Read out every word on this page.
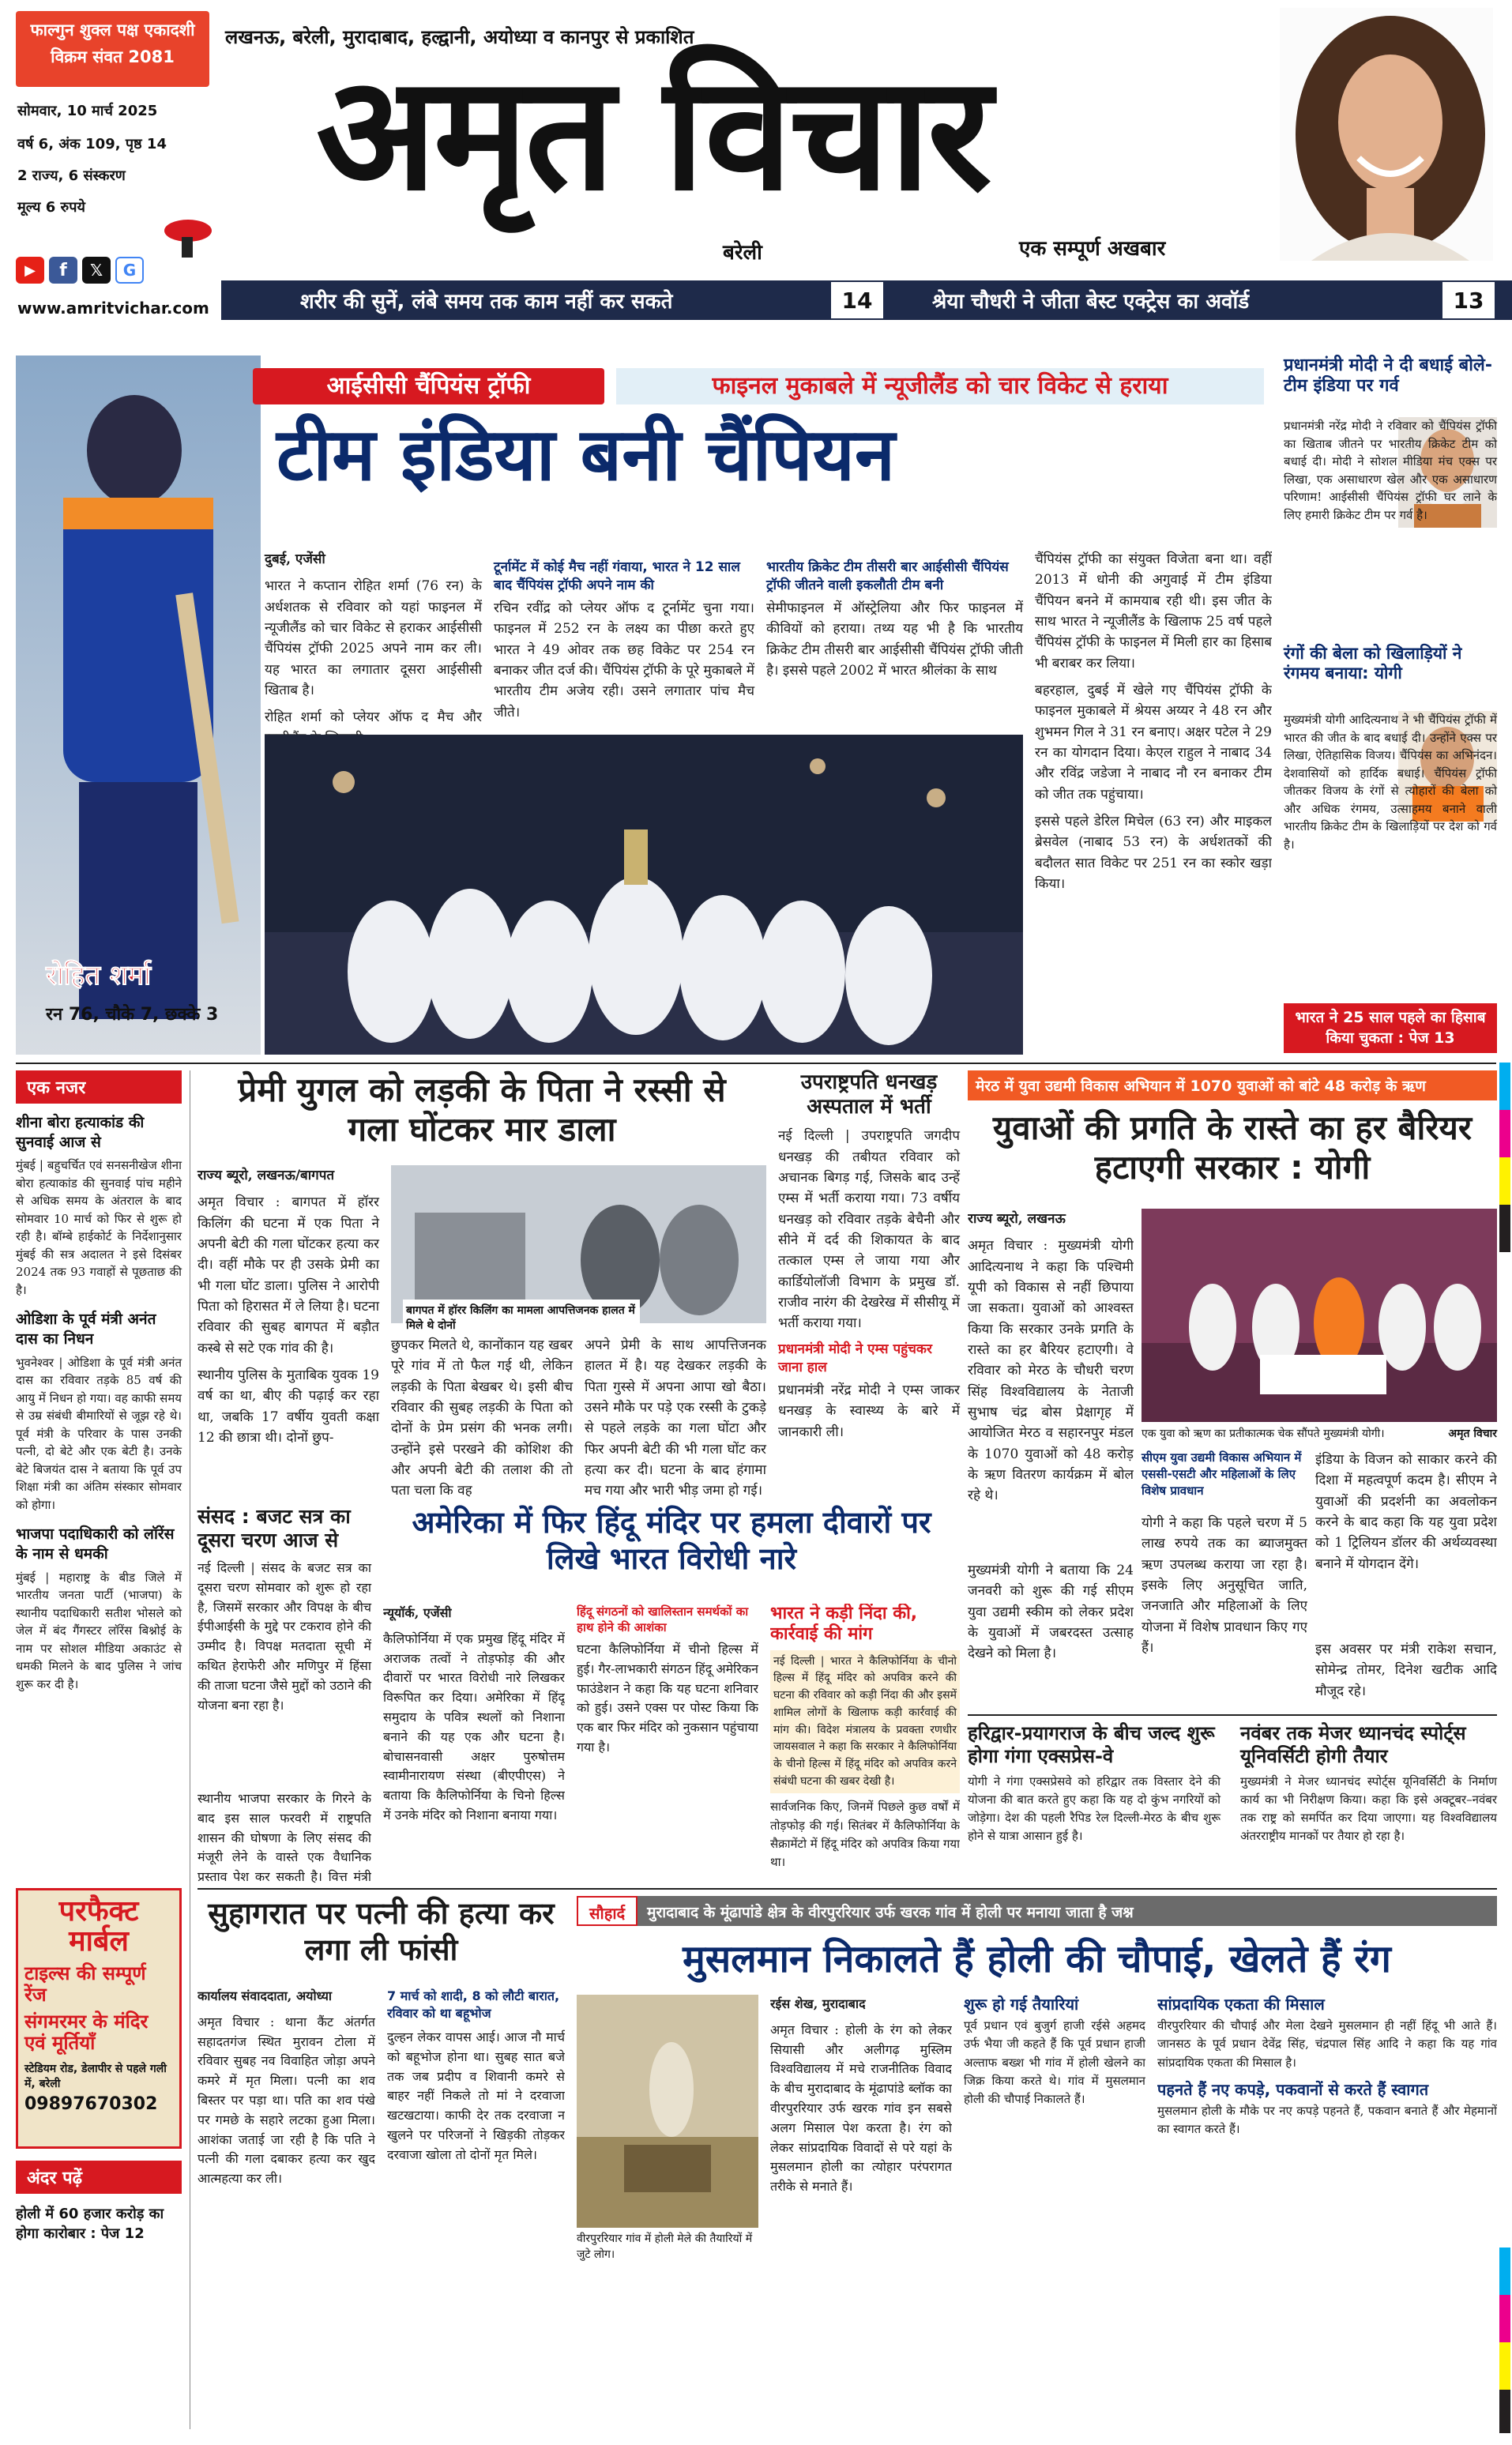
फाल्गुन शुक्ल पक्ष एकादशी
विक्रम संवत 2081
लखनऊ, बरेली, मुरादाबाद, हल्द्वानी, अयोध्या व कानपुर से प्रकाशित
सोमवार, 10 मार्च 2025
वर्ष 6, अंक 109, पृष्ठ 14
2 राज्य, 6 संस्करण
मूल्य 6 रुपये
▶	f	𝕏	G
www.amritvichar.com
अमृत विचार
बरेली	एक सम्पूर्ण अखबार
शरीर की सुनें, लंबे समय तक काम नहीं कर सकते	14	श्रेया चौधरी ने जीता बेस्ट एक्ट्रेस का अवॉर्ड	13
रोहित शर्मा
रन 76, चौके 7, छक्के 3
आईसीसी चैंपियंस ट्रॉफी	फाइनल मुकाबले में न्यूजीलैंड को चार विकेट से हराया
टीम इंडिया बनी चैंपियन

दुबई, एजेंसी

भारत ने कप्तान रोहित शर्मा (76 रन) के अर्धशतक से रविवार को यहां फाइनल में न्यूजीलैंड को चार विकेट से हराकर आईसीसी चैंपियंस ट्रॉफी 2025 अपने नाम कर ली। यह भारत का लगातार दूसरा आईसीसी खिताब है।

रोहित शर्मा को प्लेयर ऑफ द मैच और

टूर्नामेंट में कोई मैच नहीं गंवाया, भारत ने 12 साल बाद चैंपियंस ट्रॉफी अपने नाम की
रचिन रवींद्र को प्लेयर ऑफ द टूर्नामेंट चुना गया। फाइनल में 252 रन के लक्ष्य का पीछा करते हुए भारत ने 49 ओवर तक छह विकेट पर 254 रन बनाकर जीत दर्ज की। चैंपियंस ट्रॉफी के पूरे मुकाबले में भारतीय टीम अजेय रही। उसने लगातार पांच मैच जीते।
भारतीय क्रिकेट टीम तीसरी बार आईसीसी चैंपियंस ट्रॉफी जीतने वाली इकलौती टीम बनी
सेमीफाइनल में ऑस्ट्रेलिया और फिर फाइनल में कीवियों को हराया। तथ्य यह भी है कि भारतीय क्रिकेट टीम तीसरी बार आईसीसी चैंपियंस ट्रॉफी जीती है। इससे पहले 2002 में भारत श्रीलंका के साथ

चैंपियंस ट्रॉफी का संयुक्त विजेता बना था। वहीं 2013 में धोनी की अगुवाई में टीम इंडिया चैंपियन बनने में कामयाब रही थी। इस जीत के साथ भारत ने न्यूजीलैंड के खिलाफ 25 वर्ष पहले चैंपियंस ट्रॉफी के फाइनल में मिली हार का हिसाब भी बराबर कर लिया।

बहरहाल, दुबई में खेले गए चैंपियंस ट्रॉफी के फाइनल मुकाबले में श्रेयस अय्यर ने 48 रन और शुभमन गिल ने 31 रन बनाए। अक्षर पटेल ने 29 रन का योगदान दिया। केएल राहुल ने नाबाद 34 और रविंद्र जडेजा ने नाबाद नौ रन बनाकर टीम को जीत तक पहुंचाया।

इससे पहले डेरिल मिचेल (63 रन) और माइकल ब्रेसवेल (नाबाद 53 रन) के अर्धशतकों की बदौलत सात विकेट पर 251 रन का स्कोर खड़ा किया।

प्रधानमंत्री मोदी ने दी बधाई बोले- टीम इंडिया पर गर्व
प्रधानमंत्री नरेंद्र मोदी ने रविवार को चैंपियंस ट्रॉफी का खिताब जीतने पर भारतीय क्रिकेट टीम को बधाई दी। मोदी ने सोशल मीडिया मंच एक्स पर लिखा, एक असाधारण खेल और एक असाधारण परिणाम! आईसीसी चैंपियंस ट्रॉफी घर लाने के लिए हमारी क्रिकेट टीम पर गर्व है।
रंगों की बेला को खिलाड़ियों ने रंगमय बनाया: योगी
मुख्यमंत्री योगी आदित्यनाथ ने भी चैंपियंस ट्रॉफी में भारत की जीत के बाद बधाई दी। उन्होंने एक्स पर लिखा, ऐतिहासिक विजय। चैंपियंस का अभिनंदन। देशवासियों को हार्दिक बधाई। चैंपियंस ट्रॉफी जीतकर विजय के रंगों से त्योहारों की बेला को और अधिक रंगमय, उत्साहमय बनाने वाली भारतीय क्रिकेट टीम के खिलाड़ियों पर देश को गर्व है।
भारत ने 25 साल पहले का हिसाब किया चुकता : पेज 13
एक नजर
शीना बोरा हत्याकांड की सुनवाई आज से
मुंबई | बहुचर्चित एवं सनसनीखेज शीना बोरा हत्याकांड की सुनवाई पांच महीने से अधिक समय के अंतराल के बाद सोमवार 10 मार्च को फिर से शुरू हो रही है। बॉम्बे हाईकोर्ट के निर्देशानुसार मुंबई की सत्र अदालत ने इसे दिसंबर 2024 तक 93 गवाहों से पूछताछ की है।
ओडिशा के पूर्व मंत्री अनंत दास का निधन
भुवनेश्वर | ओडिशा के पूर्व मंत्री अनंत दास का रविवार तड़के 85 वर्ष की आयु में निधन हो गया। वह काफी समय से उम्र संबंधी बीमारियों से जूझ रहे थे। पूर्व मंत्री के परिवार के पास उनकी पत्नी, दो बेटे और एक बेटी है। उनके बेटे बिजयंत दास ने बताया कि पूर्व उप शिक्षा मंत्री का अंतिम संस्कार सोमवार को होगा।
भाजपा पदाधिकारी को लॉरेंस के नाम से धमकी
मुंबई | महाराष्ट्र के बीड जिले में भारतीय जनता पार्टी (भाजपा) के स्थानीय पदाधिकारी सतीश भोसले को जेल में बंद गैंगस्टर लॉरेंस बिश्नोई के नाम पर सोशल मीडिया अकाउंट से धमकी मिलने के बाद पुलिस ने जांच शुरू कर दी है।
परफैक्ट
मार्बल
टाइल्स की सम्पूर्ण रेंज
संगमरमर के मंदिर एवं मूर्तियाँ
स्टेडियम रोड, डेलापीर से पहले गली में, बरेली
09897670302
अंदर पढ़ें
होली में 60 हजार करोड़ का होगा कारोबार : पेज 12
प्रेमी युगल को लड़की के पिता ने रस्सी से गला घोंटकर मार डाला

राज्य ब्यूरो, लखनऊ/बागपत

अमृत विचार : बागपत में हॉरर किलिंग की घटना में एक पिता ने अपनी बेटी की गला घोंटकर हत्या कर दी। वहीं मौके पर ही उसके प्रेमी का भी गला घोंट डाला। पुलिस ने आरोपी पिता को हिरासत में ले लिया है। घटना रविवार की सुबह बागपत में बड़ौत कस्बे से सटे एक गांव की है।

स्थानीय पुलिस के मुताबिक युवक 19 वर्ष का था, बीए की पढ़ाई कर रहा था, जबकि 17 वर्षीय युवती कक्षा 12 की छात्रा थी। दोनों छुप-

बागपत में हॉरर किलिंग का मामला आपत्तिजनक हालत में मिले थे दोनों
छुपकर मिलते थे, कानोंकान यह खबर पूरे गांव में तो फैल गई थी, लेकिन लड़की के पिता बेखबर थे। इसी बीच रविवार की सुबह लड़की के पिता को दोनों के प्रेम प्रसंग की भनक लगी। उन्होंने इसे परखने की कोशिश की और अपनी बेटी की तलाश की तो पता चला कि वह
अपने प्रेमी के साथ आपत्तिजनक हालत में है। यह देखकर लड़की के पिता गुस्से में अपना आपा खो बैठा। उसने मौके पर पड़े एक रस्सी के टुकड़े से पहले लड़के का गला घोंटा और फिर अपनी बेटी की भी गला घोंट कर हत्या कर दी। घटना के बाद हंगामा मच गया और भारी भीड़ जमा हो गई।
उपराष्ट्रपति धनखड़ अस्पताल में भर्ती
नई दिल्ली | उपराष्ट्रपति जगदीप धनखड़ की तबीयत रविवार को अचानक बिगड़ गई, जिसके बाद उन्हें एम्स में भर्ती कराया गया। 73 वर्षीय धनखड़ को रविवार तड़के बेचैनी और सीने में दर्द की शिकायत के बाद तत्काल एम्स ले जाया गया और कार्डियोलॉजी विभाग के प्रमुख डॉ. राजीव नारंग की देखरेख में सीसीयू में भर्ती कराया गया।
प्रधानमंत्री मोदी ने एम्स पहुंचकर जाना हाल
प्रधानमंत्री नरेंद्र मोदी ने एम्स जाकर धनखड़ के स्वास्थ्य के बारे में जानकारी ली।
मेरठ में युवा उद्यमी विकास अभियान में 1070 युवाओं को बांटे 48 करोड़ के ऋण
युवाओं की प्रगति के रास्ते का हर बैरियर हटाएगी सरकार : योगी

राज्य ब्यूरो, लखनऊ

अमृत विचार : मुख्यमंत्री योगी आदित्यनाथ ने कहा कि पश्चिमी यूपी को विकास से नहीं छिपाया जा सकता। युवाओं को आश्वस्त किया कि सरकार उनके प्रगति के रास्ते का हर बैरियर हटाएगी। वे रविवार को मेरठ के चौधरी चरण सिंह विश्वविद्यालय के नेताजी सुभाष चंद्र बोस प्रेक्षागृह में आयोजित मेरठ व सहारनपुर मंडल के 1070 युवाओं को 48 करोड़ के ऋण वितरण कार्यक्रम में बोल रहे थे।

एक युवा को ऋण का प्रतीकात्मक चेक सौंपते मुख्यमंत्री योगी।	अमृत विचार
सीएम युवा उद्यमी विकास अभियान में एससी-एसटी और महिलाओं के लिए विशेष प्रावधान
मुख्यमंत्री योगी ने बताया कि 24 जनवरी को शुरू की गई सीएम युवा उद्यमी स्कीम को लेकर प्रदेश के युवाओं में जबरदस्त उत्साह देखने को मिला है।
योगी ने कहा कि पहले चरण में 5 लाख रुपये तक का ब्याजमुक्त ऋण उपलब्ध कराया जा रहा है। इसके लिए अनुसूचित जाति, जनजाति और महिलाओं के लिए योजना में विशेष प्रावधान किए गए हैं।
इंडिया के विजन को साकार करने की दिशा में महत्वपूर्ण कदम है। सीएम ने युवाओं की प्रदर्शनी का अवलोकन करने के बाद कहा कि यह युवा प्रदेश को 1 ट्रिलियन डॉलर की अर्थव्यवस्था बनाने में योगदान देंगे।
इस अवसर पर मंत्री राकेश सचान, सोमेन्द्र तोमर, दिनेश खटीक आदि मौजूद रहे।
हरिद्वार-प्रयागराज के बीच जल्द शुरू होगा गंगा एक्सप्रेस-वे
योगी ने गंगा एक्सप्रेसवे को हरिद्वार तक विस्तार देने की योजना की बात करते हुए कहा कि यह दो कुंभ नगरियों को जोड़ेगा। देश की पहली रैपिड रेल दिल्ली-मेरठ के बीच शुरू होने से यात्रा आसान हुई है।
नवंबर तक मेजर ध्यानचंद स्पोर्ट्स यूनिवर्सिटी होगी तैयार
मुख्यमंत्री ने मेजर ध्यानचंद स्पोर्ट्स यूनिवर्सिटी के निर्माण कार्य का भी निरीक्षण किया। कहा कि इसे अक्टूबर–नवंबर तक राष्ट्र को समर्पित कर दिया जाएगा। यह विश्वविद्यालय अंतरराष्ट्रीय मानकों पर तैयार हो रहा है।
संसद : बजट सत्र का दूसरा चरण आज से
नई दिल्ली | संसद के बजट सत्र का दूसरा चरण सोमवार को शुरू हो रहा है, जिसमें सरकार और विपक्ष के बीच ईपीआईसी के मुद्दे पर टकराव होने की उम्मीद है। विपक्ष मतदाता सूची में कथित हेराफेरी और मणिपुर में हिंसा की ताजा घटना जैसे मुद्दों को उठाने की योजना बना रहा है।
स्थानीय भाजपा सरकार के गिरने के बाद इस साल फरवरी में राष्ट्रपति शासन की घोषणा के लिए संसद की मंजूरी लेने के वास्ते एक वैधानिक प्रस्ताव पेश कर सकती है। वित्त मंत्री
अमेरिका में फिर हिंदू मंदिर पर हमला दीवारों पर लिखे भारत विरोधी नारे

न्यूयॉर्क, एजेंसी

कैलिफोर्निया में एक प्रमुख हिंदू मंदिर में अराजक तत्वों ने तोड़फोड़ की और दीवारों पर भारत विरोधी नारे लिखकर विरूपित कर दिया। अमेरिका में हिंदू समुदाय के पवित्र स्थलों को निशाना बनाने की यह एक और घटना है। बोचासनवासी अक्षर पुरुषोत्तम स्वामीनारायण संस्था (बीएपीएस) ने बताया कि कैलिफोर्निया के चिनो हिल्स में उनके मंदिर को निशाना बनाया गया।

हिंदू संगठनों को खालिस्तान समर्थकों का हाथ होने की आशंका
घटना कैलिफोर्निया में चीनो हिल्स में हुई। गैर-लाभकारी संगठन हिंदू अमेरिकन फाउंडेशन ने कहा कि यह घटना शनिवार को हुई। उसने एक्स पर पोस्ट किया कि एक बार फिर मंदिर को नुकसान पहुंचाया गया है।
भारत ने कड़ी निंदा की, कार्रवाई की मांग
नई दिल्ली | भारत ने कैलिफोर्निया के चीनो हिल्स में हिंदू मंदिर को अपवित्र करने की घटना की रविवार को कड़ी निंदा की और इसमें शामिल लोगों के खिलाफ कड़ी कार्रवाई की मांग की। विदेश मंत्रालय के प्रवक्ता रणधीर जायसवाल ने कहा कि सरकार ने कैलिफोर्निया के चीनो हिल्स में हिंदू मंदिर को अपवित्र करने संबंधी घटना की खबर देखी है।
सार्वजनिक किए, जिनमें पिछले कुछ वर्षों में तोड़फोड़ की गई। सितंबर में कैलिफोर्निया के सैक्रामेंटो में हिंदू मंदिर को अपवित्र किया गया था।
सुहागरात पर पत्नी की हत्या कर लगा ली फांसी

कार्यालय संवाददाता, अयोध्या

अमृत विचार : थाना कैंट अंतर्गत सहादतगंज स्थित मुरावन टोला में रविवार सुबह नव विवाहित जोड़ा अपने कमरे में मृत मिला। पत्नी का शव बिस्तर पर पड़ा था। पति का शव पंखे पर गमछे के सहारे लटका हुआ मिला। आशंका जताई जा रही है कि पति ने पत्नी की गला दबाकर हत्या कर खुद आत्महत्या कर ली।

7 मार्च को शादी, 8 को लौटी बारात, रविवार को था बहूभोज
दुल्हन लेकर वापस आई। आज नौ मार्च को बहूभोज होना था। सुबह सात बजे तक जब प्रदीप व शिवानी कमरे से बाहर नहीं निकले तो मां ने दरवाजा खटखटाया। काफी देर तक दरवाजा न खुलने पर परिजनों ने खिड़की तोड़कर दरवाजा खोला तो दोनों मृत मिले।
सौहार्द	मुरादाबाद के मूंढापांडे क्षेत्र के वीरपुररियार उर्फ खरक गांव में होली पर मनाया जाता है जश्न
मुसलमान निकालते हैं होली की चौपाई, खेलते हैं रंग
वीरपुररियार गांव में होली मेले की तैयारियों में जुटे लोग।

रईस शेख, मुरादाबाद

अमृत विचार : होली के रंग को लेकर सियासी और अलीगढ़ मुस्लिम विश्वविद्यालय में मचे राजनीतिक विवाद के बीच मुरादाबाद के मूंढापांडे ब्लॉक का वीरपुररियार उर्फ खरक गांव इन सबसे अलग मिसाल पेश करता है। रंग को लेकर सांप्रदायिक विवादों से परे यहां के मुसलमान होली का त्योहार परंपरागत तरीके से मनाते हैं।

शुरू हो गई तैयारियां
पूर्व प्रधान एवं बुजुर्ग हाजी रईसे अहमद उर्फ भैया जी कहते हैं कि पूर्व प्रधान हाजी अल्ताफ बख्श भी गांव में होली खेलने का जिक्र किया करते थे। गांव में मुसलमान होली की चौपाई निकालते हैं।
सांप्रदायिक एकता की मिसाल
वीरपुररियार की चौपाई और मेला देखने मुसलमान ही नहीं हिंदू भी आते हैं। जानसठ के पूर्व प्रधान देवेंद्र सिंह, चंद्रपाल सिंह आदि ने कहा कि यह गांव सांप्रदायिक एकता की मिसाल है।
पहनते हैं नए कपड़े, पकवानों से करते हैं स्वागत
मुसलमान होली के मौके पर नए कपड़े पहनते हैं, पकवान बनाते हैं और मेहमानों का स्वागत करते हैं।
